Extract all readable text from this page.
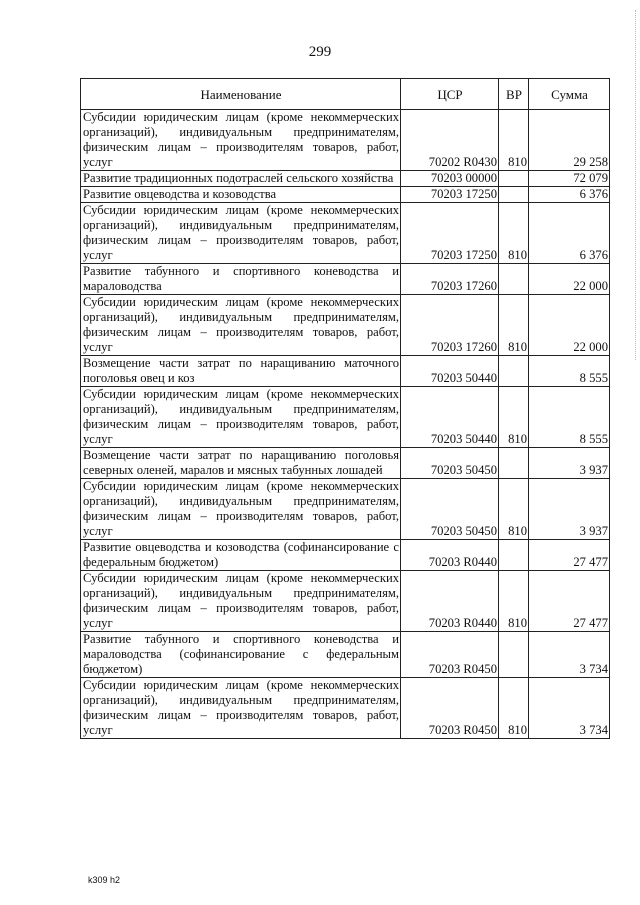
299
Наименование	ЦСР	ВР	Сумма
Субсидии юридическим лицам (кроме некоммерческих организаций), индивидуальным предпринимателям, физическим лицам – производителям товаров, работ, услуг	70202 R0430	810	29 258
Развитие традиционных подотраслей сельского хозяйства	70203 00000		72 079
Развитие овцеводства и козоводства	70203 17250		6 376
Субсидии юридическим лицам (кроме некоммерческих организаций), индивидуальным предпринимателям, физическим лицам – производителям товаров, работ, услуг	70203 17250	810	6 376
Развитие табунного и спортивного коневодства и мараловодства	70203 17260		22 000
Субсидии юридическим лицам (кроме некоммерческих организаций), индивидуальным предпринимателям, физическим лицам – производителям товаров, работ, услуг	70203 17260	810	22 000
Возмещение части затрат по наращиванию маточного поголовья овец и коз	70203 50440		8 555
Субсидии юридическим лицам (кроме некоммерческих организаций), индивидуальным предпринимателям, физическим лицам – производителям товаров, работ, услуг	70203 50440	810	8 555
Возмещение части затрат по наращиванию поголовья северных оленей, маралов и мясных табунных лошадей	70203 50450		3 937
Субсидии юридическим лицам (кроме некоммерческих организаций), индивидуальным предпринимателям, физическим лицам – производителям товаров, работ, услуг	70203 50450	810	3 937
Развитие овцеводства и козоводства (софинансирование с федеральным бюджетом)	70203 R0440		27 477
Субсидии юридическим лицам (кроме некоммерческих организаций), индивидуальным предпринимателям, физическим лицам – производителям товаров, работ, услуг	70203 R0440	810	27 477
Развитие табунного и спортивного коневодства и мараловодства (софинансирование с федеральным бюджетом)	70203 R0450		3 734
Субсидии юридическим лицам (кроме некоммерческих организаций), индивидуальным предпринимателям, физическим лицам – производителям товаров, работ, услуг	70203 R0450	810	3 734
k309 h2
